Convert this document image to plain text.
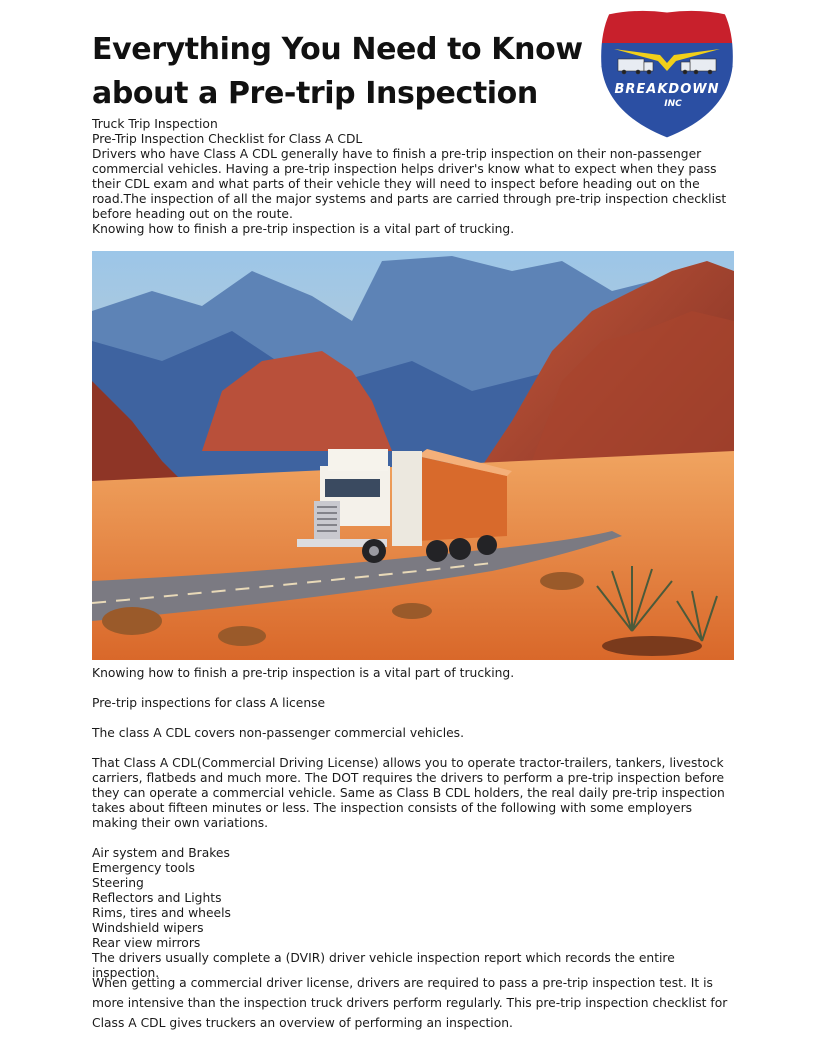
Everything You Need to Know
about a Pre-trip Inspection	BREAKDOWN
INC
Truck Trip Inspection
Pre-Trip Inspection Checklist for Class A CDL
Drivers who have Class A CDL generally have to finish a pre-trip inspection on their non-passenger commercial vehicles. Having a pre-trip inspection helps driver's know what to expect when they pass their CDL exam and what parts of their vehicle they will need to inspect before heading out on the road.The inspection of all the major systems and parts are carried through pre-trip inspection checklist before heading out on the route.
Knowing how to finish a pre-trip inspection is a vital part of trucking.
Knowing how to finish a pre-trip inspection is a vital part of trucking.
Pre-trip inspections for class A license
The class A CDL covers non-passenger commercial vehicles.
That Class A CDL(Commercial Driving License) allows you to operate tractor-trailers, tankers, livestock carriers, flatbeds and much more. The DOT requires the drivers to perform a pre-trip inspection before they can operate a commercial vehicle. Same as Class B CDL holders, the real daily pre-trip inspection takes about fifteen minutes or less. The inspection consists of the following with some employers making their own variations.
Air system and Brakes
Emergency tools
Steering
Reflectors and Lights
Rims, tires and wheels
Windshield wipers
Rear view mirrors
The drivers usually complete a (DVIR) driver vehicle inspection report which records the entire inspection.
When getting a commercial driver license, drivers are required to pass a pre-trip inspection test. It is more intensive than the inspection truck drivers perform regularly. This pre-trip inspection checklist for Class A CDL gives truckers an overview of performing an inspection.
